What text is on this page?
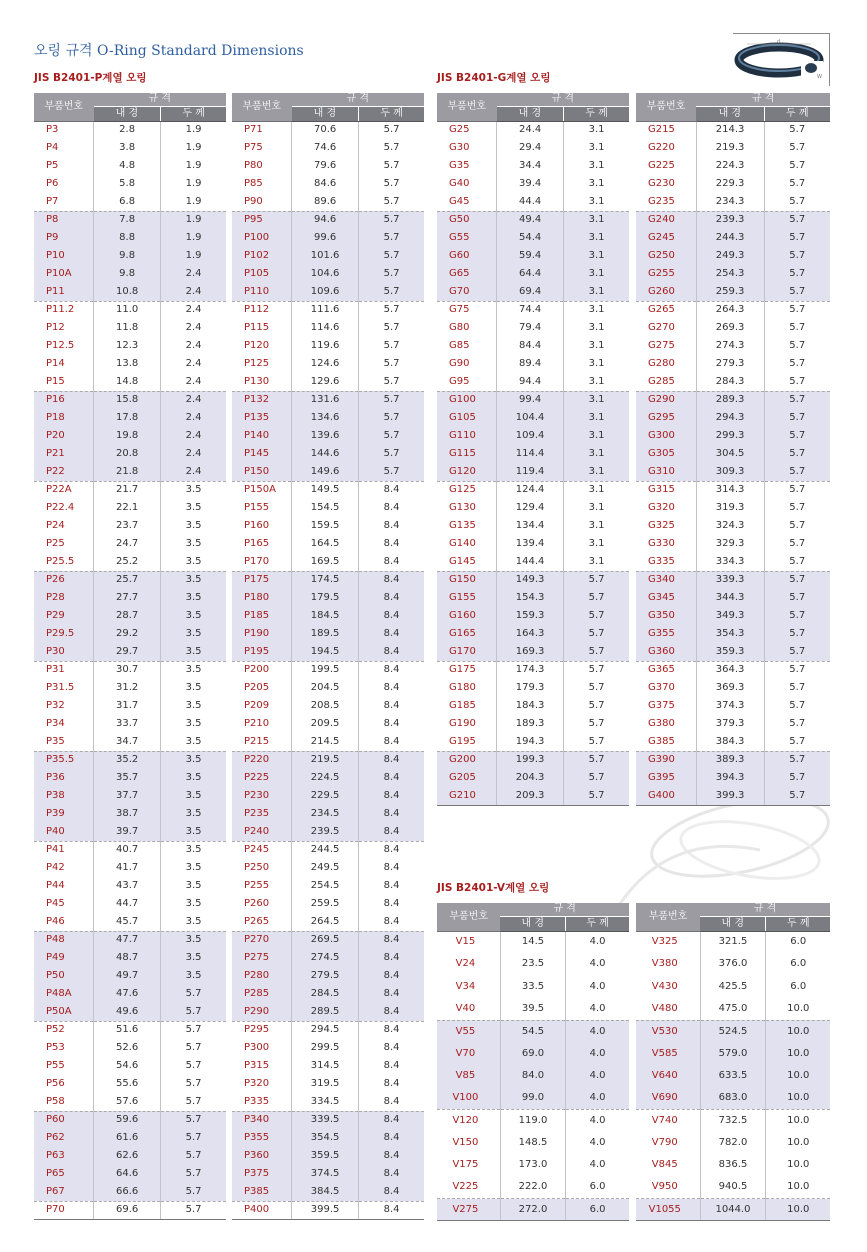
오링 규격 O-Ring Standard Dimensions
JIS B2401-P계열 오링	JIS B2401-G계열 오링
JIS B2401-V계열 오링
d
W
부품번호	규 격	
	내 경	두 께
P3	2.8	1.9
P4	3.8	1.9
P5	4.8	1.9
P6	5.8	1.9
P7	6.8	1.9
P8	7.8	1.9
P9	8.8	1.9
P10	9.8	1.9
P10A	9.8	2.4
P11	10.8	2.4
P11.2	11.0	2.4
P12	11.8	2.4
P12.5	12.3	2.4
P14	13.8	2.4
P15	14.8	2.4
P16	15.8	2.4
P18	17.8	2.4
P20	19.8	2.4
P21	20.8	2.4
P22	21.8	2.4
P22A	21.7	3.5
P22.4	22.1	3.5
P24	23.7	3.5
P25	24.7	3.5
P25.5	25.2	3.5
P26	25.7	3.5
P28	27.7	3.5
P29	28.7	3.5
P29.5	29.2	3.5
P30	29.7	3.5
P31	30.7	3.5
P31.5	31.2	3.5
P32	31.7	3.5
P34	33.7	3.5
P35	34.7	3.5
P35.5	35.2	3.5
P36	35.7	3.5
P38	37.7	3.5
P39	38.7	3.5
P40	39.7	3.5
P41	40.7	3.5
P42	41.7	3.5
P44	43.7	3.5
P45	44.7	3.5
P46	45.7	3.5
P48	47.7	3.5
P49	48.7	3.5
P50	49.7	3.5
P48A	47.6	5.7
P50A	49.6	5.7
P52	51.6	5.7
P53	52.6	5.7
P55	54.6	5.7
P56	55.6	5.7
P58	57.6	5.7
P60	59.6	5.7
P62	61.6	5.7
P63	62.6	5.7
P65	64.6	5.7
P67	66.6	5.7
P70	69.6	5.7
부품번호	규 격	
	내 경	두 께
P71	70.6	5.7
P75	74.6	5.7
P80	79.6	5.7
P85	84.6	5.7
P90	89.6	5.7
P95	94.6	5.7
P100	99.6	5.7
P102	101.6	5.7
P105	104.6	5.7
P110	109.6	5.7
P112	111.6	5.7
P115	114.6	5.7
P120	119.6	5.7
P125	124.6	5.7
P130	129.6	5.7
P132	131.6	5.7
P135	134.6	5.7
P140	139.6	5.7
P145	144.6	5.7
P150	149.6	5.7
P150A	149.5	8.4
P155	154.5	8.4
P160	159.5	8.4
P165	164.5	8.4
P170	169.5	8.4
P175	174.5	8.4
P180	179.5	8.4
P185	184.5	8.4
P190	189.5	8.4
P195	194.5	8.4
P200	199.5	8.4
P205	204.5	8.4
P209	208.5	8.4
P210	209.5	8.4
P215	214.5	8.4
P220	219.5	8.4
P225	224.5	8.4
P230	229.5	8.4
P235	234.5	8.4
P240	239.5	8.4
P245	244.5	8.4
P250	249.5	8.4
P255	254.5	8.4
P260	259.5	8.4
P265	264.5	8.4
P270	269.5	8.4
P275	274.5	8.4
P280	279.5	8.4
P285	284.5	8.4
P290	289.5	8.4
P295	294.5	8.4
P300	299.5	8.4
P315	314.5	8.4
P320	319.5	8.4
P335	334.5	8.4
P340	339.5	8.4
P355	354.5	8.4
P360	359.5	8.4
P375	374.5	8.4
P385	384.5	8.4
P400	399.5	8.4
부품번호	규 격	
	내 경	두 께
G25	24.4	3.1
G30	29.4	3.1
G35	34.4	3.1
G40	39.4	3.1
G45	44.4	3.1
G50	49.4	3.1
G55	54.4	3.1
G60	59.4	3.1
G65	64.4	3.1
G70	69.4	3.1
G75	74.4	3.1
G80	79.4	3.1
G85	84.4	3.1
G90	89.4	3.1
G95	94.4	3.1
G100	99.4	3.1
G105	104.4	3.1
G110	109.4	3.1
G115	114.4	3.1
G120	119.4	3.1
G125	124.4	3.1
G130	129.4	3.1
G135	134.4	3.1
G140	139.4	3.1
G145	144.4	3.1
G150	149.3	5.7
G155	154.3	5.7
G160	159.3	5.7
G165	164.3	5.7
G170	169.3	5.7
G175	174.3	5.7
G180	179.3	5.7
G185	184.3	5.7
G190	189.3	5.7
G195	194.3	5.7
G200	199.3	5.7
G205	204.3	5.7
G210	209.3	5.7
부품번호	규 격	
	내 경	두 께
G215	214.3	5.7
G220	219.3	5.7
G225	224.3	5.7
G230	229.3	5.7
G235	234.3	5.7
G240	239.3	5.7
G245	244.3	5.7
G250	249.3	5.7
G255	254.3	5.7
G260	259.3	5.7
G265	264.3	5.7
G270	269.3	5.7
G275	274.3	5.7
G280	279.3	5.7
G285	284.3	5.7
G290	289.3	5.7
G295	294.3	5.7
G300	299.3	5.7
G305	304.5	5.7
G310	309.3	5.7
G315	314.3	5.7
G320	319.3	5.7
G325	324.3	5.7
G330	329.3	5.7
G335	334.3	5.7
G340	339.3	5.7
G345	344.3	5.7
G350	349.3	5.7
G355	354.3	5.7
G360	359.3	5.7
G365	364.3	5.7
G370	369.3	5.7
G375	374.3	5.7
G380	379.3	5.7
G385	384.3	5.7
G390	389.3	5.7
G395	394.3	5.7
G400	399.3	5.7
부품번호	규 격	
	내 경	두 께
V15	14.5	4.0
V24	23.5	4.0
V34	33.5	4.0
V40	39.5	4.0
V55	54.5	4.0
V70	69.0	4.0
V85	84.0	4.0
V100	99.0	4.0
V120	119.0	4.0
V150	148.5	4.0
V175	173.0	4.0
V225	222.0	6.0
V275	272.0	6.0
부품번호	규 격	
	내 경	두 께
V325	321.5	6.0
V380	376.0	6.0
V430	425.5	6.0
V480	475.0	10.0
V530	524.5	10.0
V585	579.0	10.0
V640	633.5	10.0
V690	683.0	10.0
V740	732.5	10.0
V790	782.0	10.0
V845	836.5	10.0
V950	940.5	10.0
V1055	1044.0	10.0
